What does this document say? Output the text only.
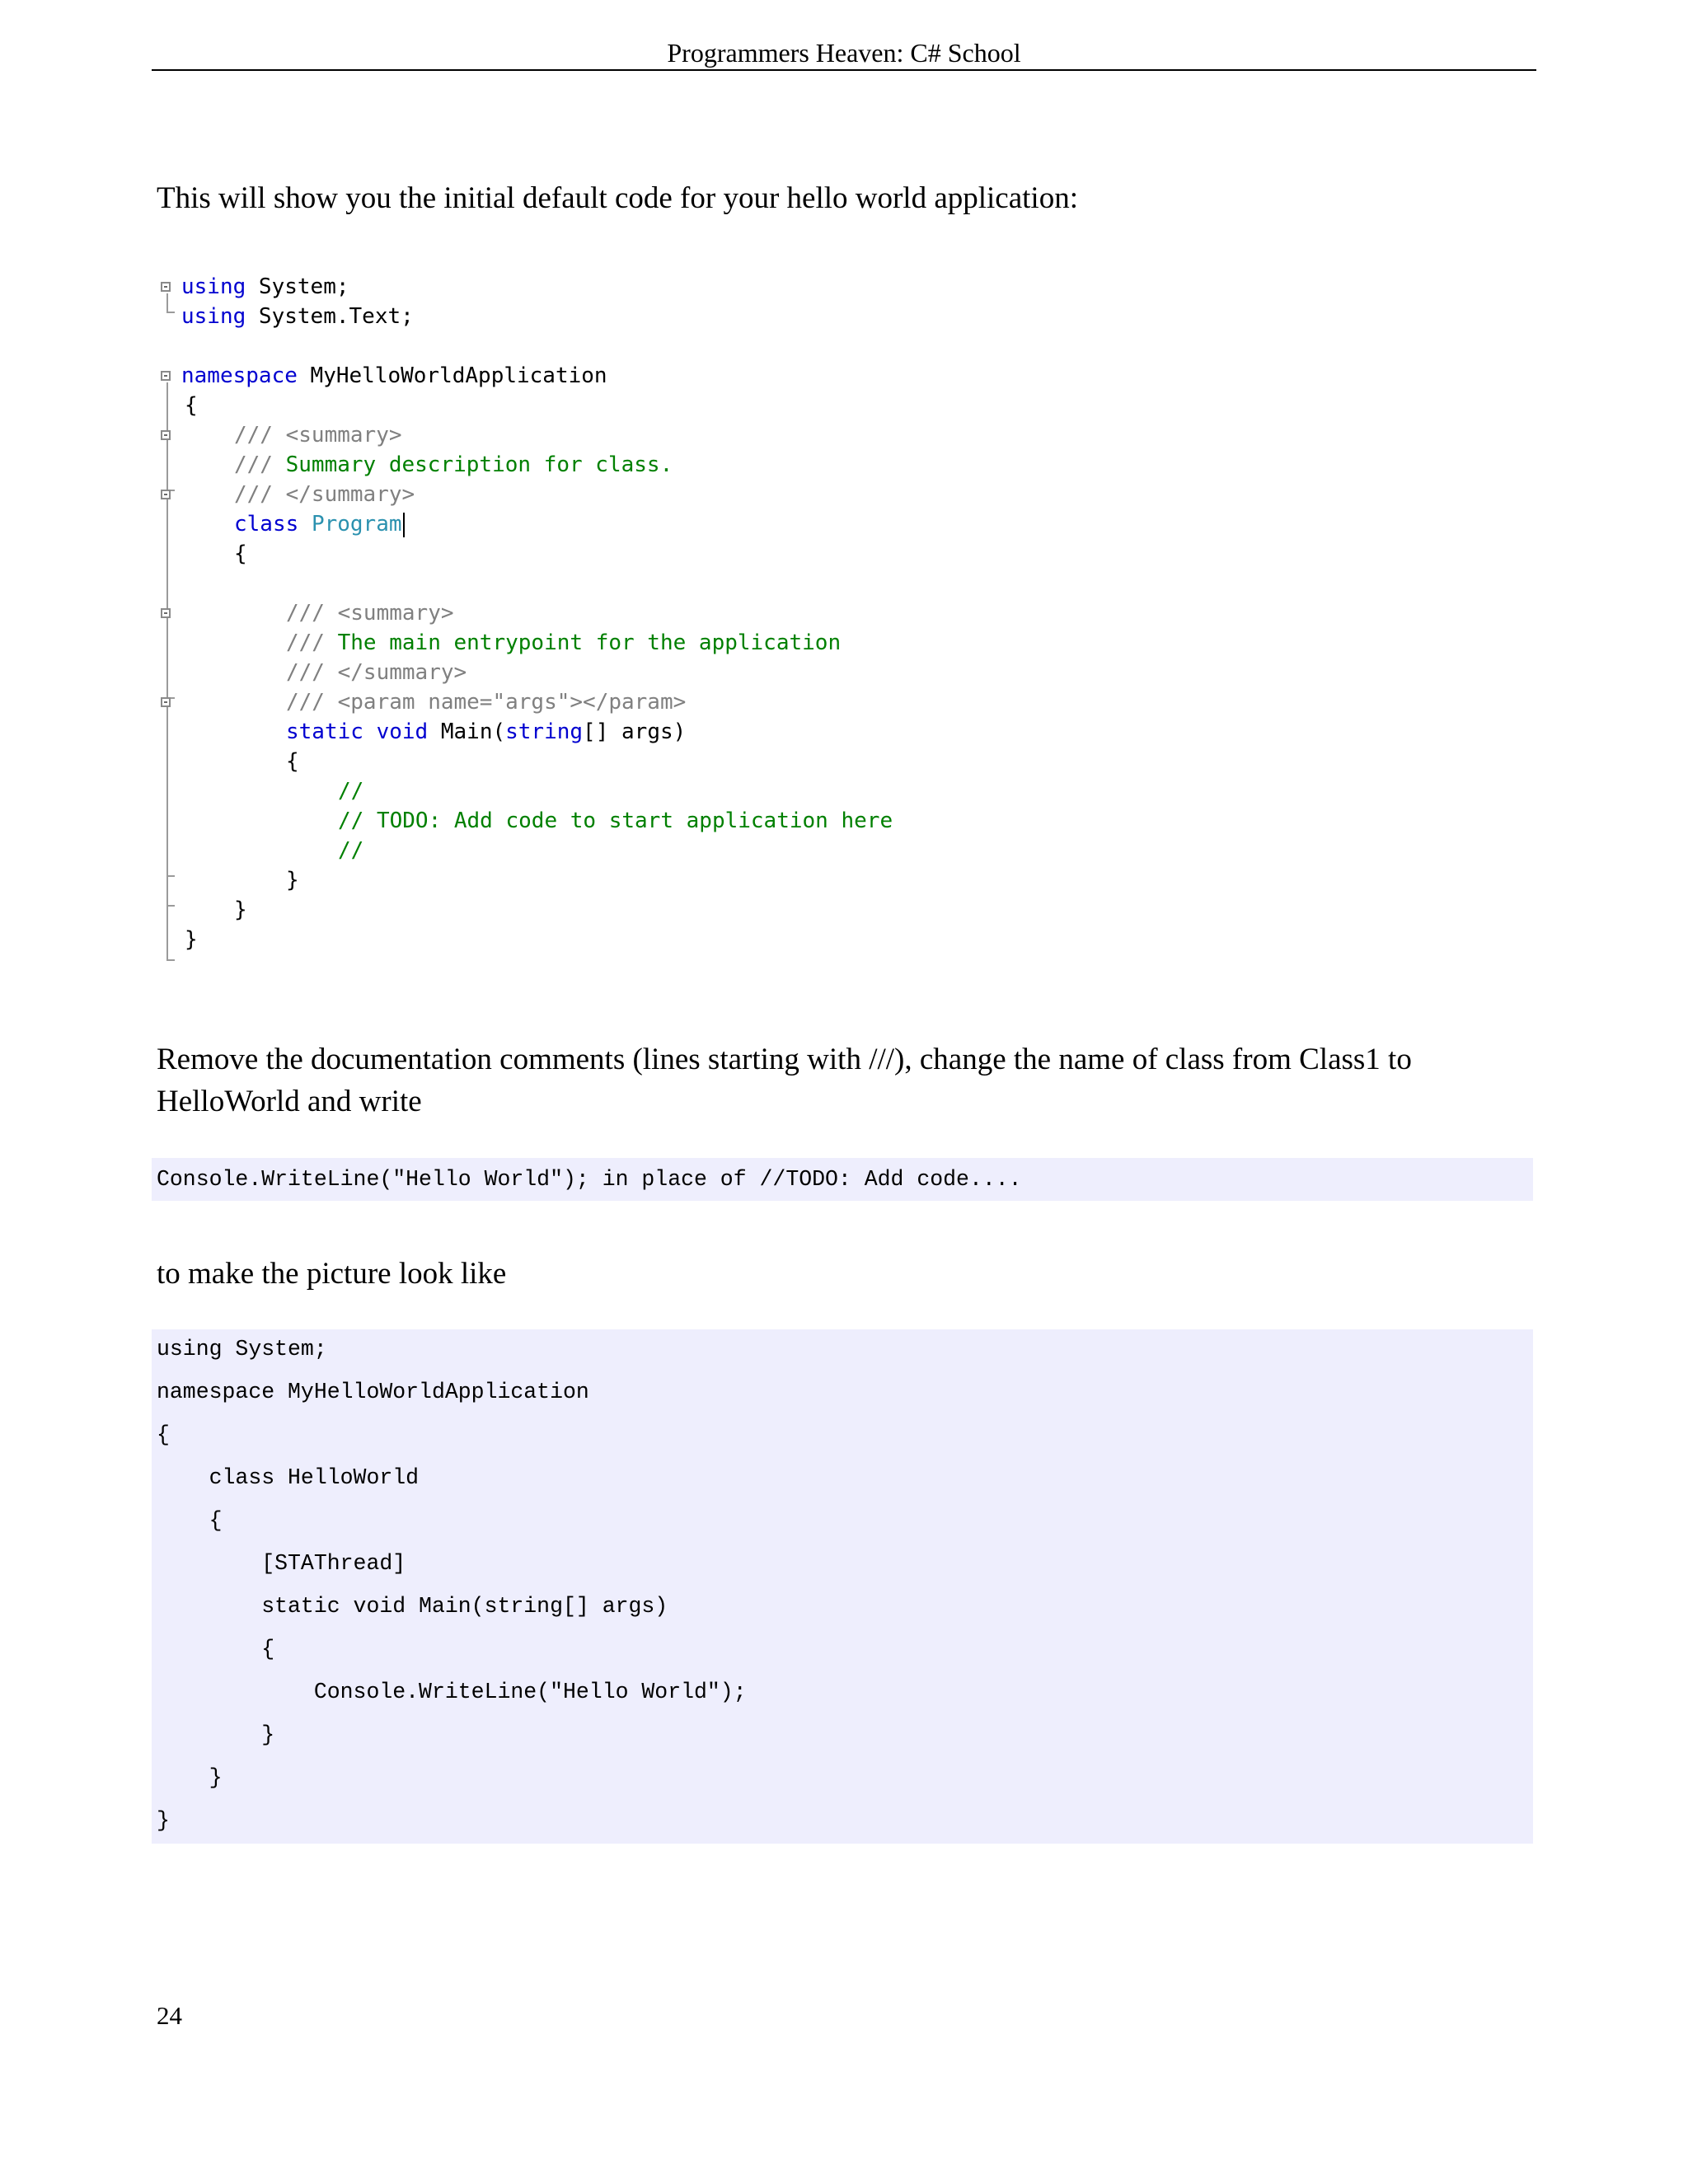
Programmers Heaven: C# School
This will show you the initial default code for your hello world application:
using System;
using System.Text;
namespace MyHelloWorldApplication
{
/// <summary>
/// Summary description for class.
/// </summary>
class Program
{
/// <summary>
/// The main entrypoint for the application
/// </summary>
/// <param name="args"></param>
static void Main(string[] args)
{
//
// TODO: Add code to start application here
//
}
}
}
Remove the documentation comments (lines starting with ///), change the name of class from Class1 to HelloWorld and write
Console.WriteLine("Hello World"); in place of //TODO: Add code....
to make the picture look like
using System;
namespace MyHelloWorldApplication
{
class HelloWorld
{
[STAThread]
static void Main(string[] args)
{
Console.WriteLine("Hello World");
}
}
}
24
